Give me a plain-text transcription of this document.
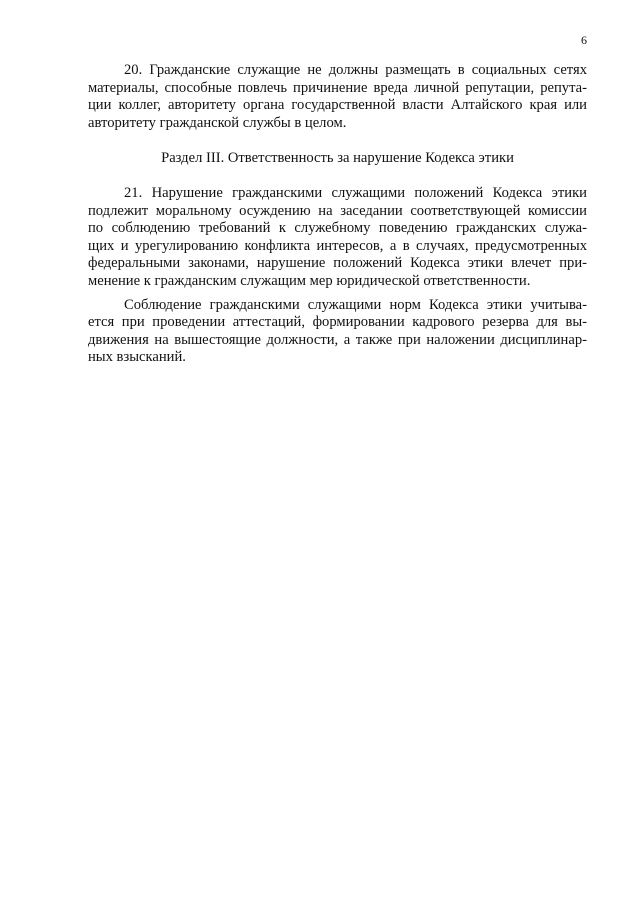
6

20. Гражданские служащие не должны размещать в социальных сетях
материалы, способные повлечь причинение вреда личной репутации, репута-
ции коллег, авторитету органа государственной власти Алтайского края или
авторитету гражданской службы в целом.

Раздел III. Ответственность за нарушение Кодекса этики

21. Нарушение гражданскими служащими положений Кодекса этики
подлежит моральному осуждению на заседании соответствующей комиссии
по соблюдению требований к служебному поведению гражданских служа-
щих и урегулированию конфликта интересов, а в случаях, предусмотренных
федеральными законами, нарушение положений Кодекса этики влечет при-
менение к гражданским служащим мер юридической ответственности.

Соблюдение гражданскими служащими норм Кодекса этики учитыва-
ется при проведении аттестаций, формировании кадрового резерва для вы-
движения на вышестоящие должности, а также при наложении дисциплинар-
ных взысканий.
